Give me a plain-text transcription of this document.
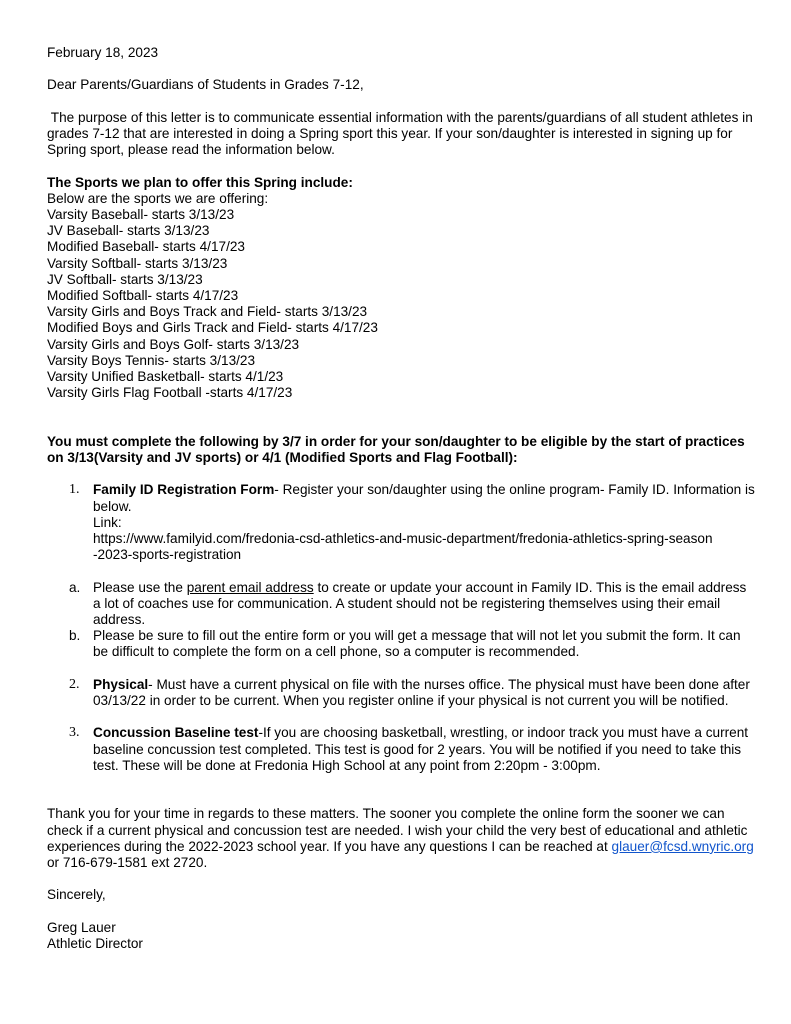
February 18, 2023

Dear Parents/Guardians of Students in Grades 7-12,

The purpose of this letter is to communicate essential information with the parents/guardians of all student athletes in grades 7-12 that are interested in doing a Spring sport this year. If your son/daughter is interested in signing up for Spring sport, please read the information below.

The Sports we plan to offer this Spring include:

Below are the sports we are offering:

Varsity Baseball- starts 3/13/23
JV Baseball- starts 3/13/23
Modified Baseball- starts 4/17/23
Varsity Softball- starts 3/13/23
JV Softball- starts 3/13/23
Modified Softball- starts 4/17/23
Varsity Girls and Boys Track and Field- starts 3/13/23
Modified Boys and Girls Track and Field- starts 4/17/23
Varsity Girls and Boys Golf- starts 3/13/23
Varsity Boys Tennis- starts 3/13/23
Varsity Unified Basketball- starts 4/1/23
Varsity Girls Flag Football -starts 4/17/23

You must complete the following by 3/7 in order for your son/daughter to be eligible by the start of practices on 3/13(Varsity and JV sports) or 4/1 (Modified Sports and Flag Football):

1. Family ID Registration Form- Register your son/daughter using the online program- Family ID. Information is below.
Link:
https://www.familyid.com/fredonia-csd-athletics-and-music-department/fredonia-athletics-spring-season
-2023-sports-registration
a. Please use the parent email address to create or update your account in Family ID. This is the email address a lot of coaches use for communication. A student should not be registering themselves using their email address.
b. Please be sure to fill out the entire form or you will get a message that will not let you submit the form. It can be difficult to complete the form on a cell phone, so a computer is recommended.
2. Physical- Must have a current physical on file with the nurses office. The physical must have been done after 03/13/22 in order to be current. When you register online if your physical is not current you will be notified.
3. Concussion Baseline test-If you are choosing basketball, wrestling, or indoor track you must have a current baseline concussion test completed. This test is good for 2 years. You will be notified if you need to take this test. These will be done at Fredonia High School at any point from 2:20pm - 3:00pm.

Thank you for your time in regards to these matters. The sooner you complete the online form the sooner we can check if a current physical and concussion test are needed. I wish your child the very best of educational and athletic experiences during the 2022-2023 school year. If you have any questions I can be reached at glauer@fcsd.wnyric.org or 716-679-1581 ext 2720.

Sincerely,

Greg Lauer

Athletic Director
